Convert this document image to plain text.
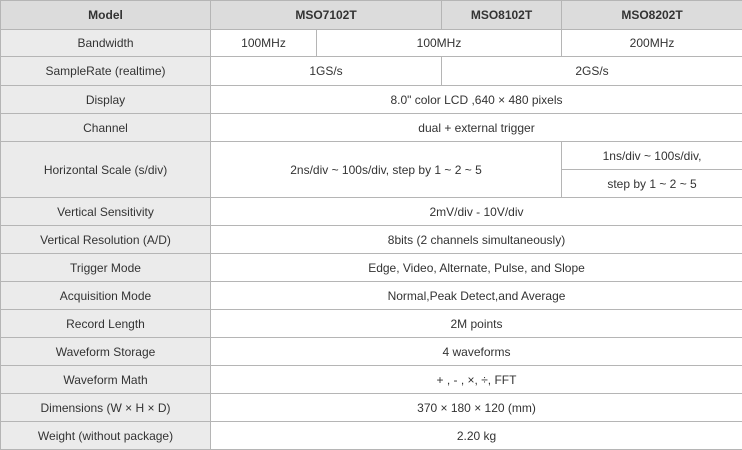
Model	MSO7102T		MSO8102T	MSO8202T
Bandwidth	100MHz	100MHz		200MHz
SampleRate (realtime)	1GS/s		2GS/s	
Display	8.0" color LCD ,640 × 480 pixels			
Channel	dual + external trigger			
Horizontal Scale (s/div)	2ns/div ~ 100s/div, step by 1 ~ 2 ~ 5			1ns/div ~ 100s/div,
				step by 1 ~ 2 ~ 5
Vertical Sensitivity	2mV/div - 10V/div			
Vertical Resolution (A/D)	8bits (2 channels simultaneously)			
Trigger Mode	Edge, Video, Alternate, Pulse, and Slope			
Acquisition Mode	Normal,Peak Detect,and Average			
Record Length	2M points			
Waveform Storage	4 waveforms			
Waveform Math	+ , - , ×, ÷, FFT			
Dimensions (W × H × D)	370 × 180 × 120 (mm)			
Weight (without package)	2.20 kg			
